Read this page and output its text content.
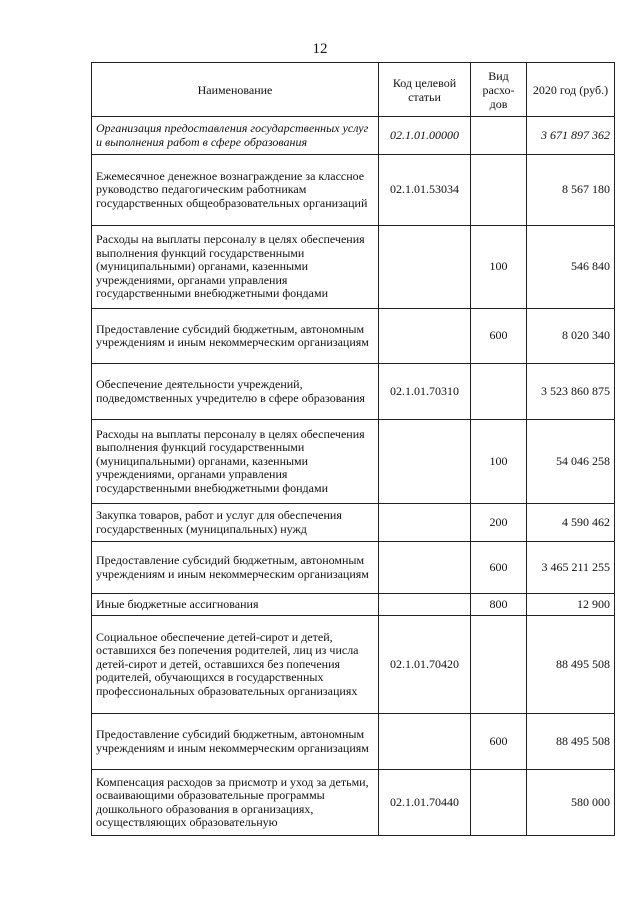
12
Наименование	Код целевой статьи	Вид расхо-дов	2020 год (руб.)
Организация предоставления государственных услуг и выполнения работ в сфере образования	02.1.01.00000		3 671 897 362
Ежемесячное денежное вознаграждение за классное руководство педагогическим работникам государственных общеобразовательных организаций	02.1.01.53034		8 567 180
Расходы на выплаты персоналу в целях обеспечения выполнения функций государственными (муниципальными) органами, казенными учреждениями, органами управления государственными внебюджетными фондами		100	546 840
Предоставление субсидий бюджетным, автономным учреждениям и иным некоммерческим организациям		600	8 020 340
Обеспечение деятельности учреждений, подведомственных учредителю в сфере образования	02.1.01.70310		3 523 860 875
Расходы на выплаты персоналу в целях обеспечения выполнения функций государственными (муниципальными) органами, казенными учреждениями, органами управления государственными внебюджетными фондами		100	54 046 258
Закупка товаров, работ и услуг для обеспечения государственных (муниципальных) нужд		200	4 590 462
Предоставление субсидий бюджетным, автономным учреждениям и иным некоммерческим организациям		600	3 465 211 255
Иные бюджетные ассигнования		800	12 900
Социальное обеспечение детей-сирот и детей, оставшихся без попечения родителей, лиц из числа детей-сирот и детей, оставшихся без попечения родителей, обучающихся в государственных профессиональных образовательных организациях	02.1.01.70420		88 495 508
Предоставление субсидий бюджетным, автономным учреждениям и иным некоммерческим организациям		600	88 495 508
Компенсация расходов за присмотр и уход за детьми, осваивающими образовательные программы дошкольного образования в организациях, осуществляющих образовательную	02.1.01.70440		580 000
